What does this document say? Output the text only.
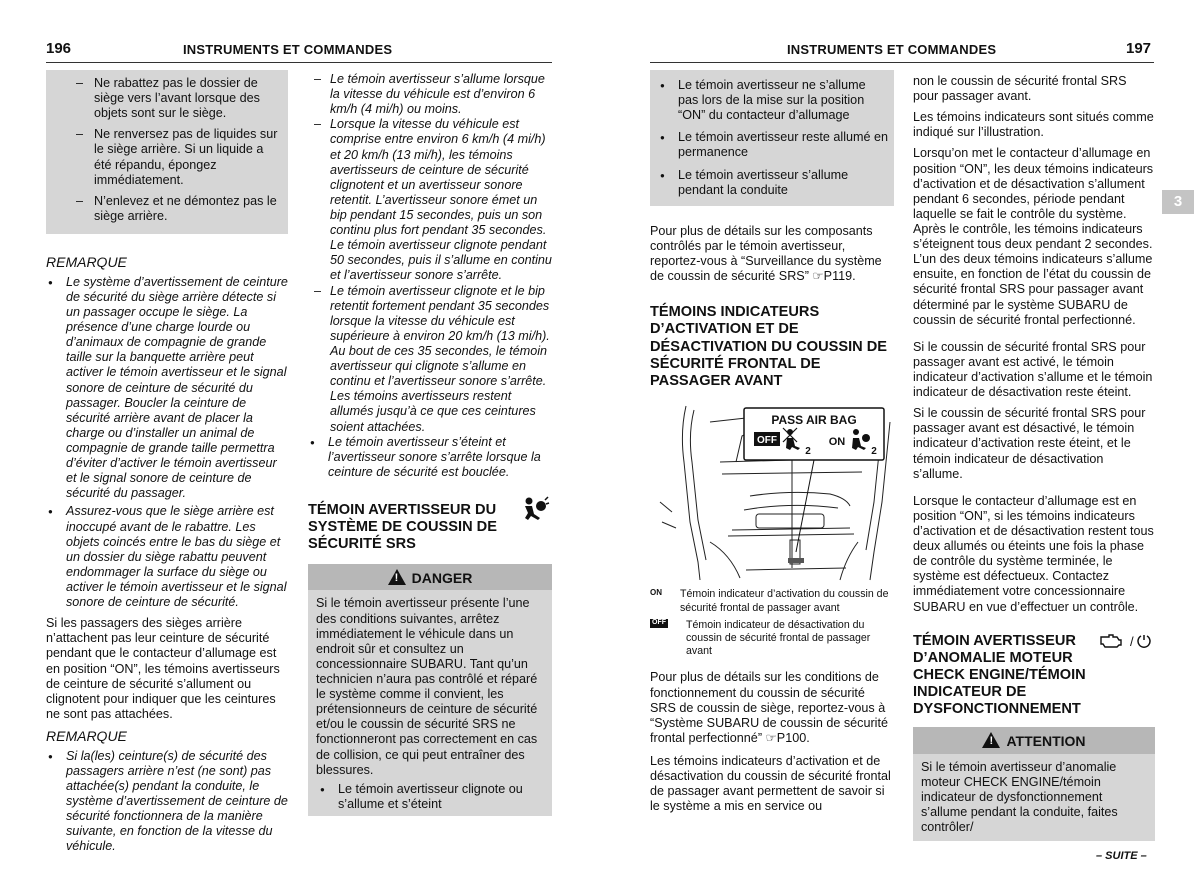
196	INSTRUMENTS ET COMMANDES	INSTRUMENTS ET COMMANDES	197
3
– Ne rabattez pas le dossier de siège vers l’avant lorsque des objets sont sur le siège.
– Ne renversez pas de liquides sur le siège arrière. Si un liquide a été répandu, épongez immédiatement.
– N’enlevez et ne démontez pas le siège arrière.
REMARQUE
● Le système d’avertissement de ceinture de sécurité du siège arrière détecte si un passager occupe le siège. La présence d’une charge lourde ou d’animaux de compagnie de grande taille sur la banquette arrière peut activer le témoin avertisseur et le signal sonore de ceinture de sécurité du passager. Boucler la ceinture de sécurité arrière avant de placer la charge ou d’installer un animal de compagnie de grande taille permettra d’éviter d’activer le témoin avertisseur et le signal sonore de ceinture de sécurité du passager.
● Assurez-vous que le siège arrière est inoccupé avant de le rabattre. Les objets coincés entre le bas du siège et un dossier du siège rabattu peuvent endommager la surface du siège ou activer le témoin avertisseur et le signal sonore de ceinture de sécurité.

Si les passagers des sièges arrière n’attachent pas leur ceinture de sécurité pendant que le contacteur d’allumage est en position “ON”, les témoins avertisseurs de ceinture de sécurité s’allument ou clignotent pour indiquer que les ceintures ne sont pas attachées.

REMARQUE
● Si la(les) ceinture(s) de sécurité des passagers arrière n’est (ne sont) pas attachée(s) pendant la conduite, le système d’avertissement de ceinture de sécurité fonctionnera de la manière suivante, en fonction de la vitesse du véhicule.
– Le témoin avertisseur s’allume lorsque la vitesse du véhicule est d’environ 6 km/h (4 mi/h) ou moins.
– Lorsque la vitesse du véhicule est comprise entre environ 6 km/h (4 mi/h) et 20 km/h (13 mi/h), les témoins avertisseurs de ceinture de sécurité clignotent et un avertisseur sonore retentit. L’avertisseur sonore émet un bip pendant 15 secondes, puis un son continu plus fort pendant 35 secondes. Le témoin avertisseur clignote pendant 50 secondes, puis il s’allume en continu et l’avertisseur sonore s’arrête.
– Le témoin avertisseur clignote et le bip retentit fortement pendant 35 secondes lorsque la vitesse du véhicule est supérieure à environ 20 km/h (13 mi/h). Au bout de ces 35 secondes, le témoin avertisseur qui clignote s’allume en continu et l’avertisseur sonore s’arrête. Les témoins avertisseurs restent allumés jusqu’à ce que ces ceintures soient attachées.
● Le témoin avertisseur s’éteint et l’avertisseur sonore s’arrête lorsque la ceinture de sécurité est bouclée.
TÉMOIN AVERTISSEUR DU SYSTÈME DE COUSSIN DE SÉCURITÉ SRS
!DANGER

Si le témoin avertisseur présente l’une des conditions suivantes, arrêtez immédiatement le véhicule dans un endroit sûr et consultez un concessionnaire SUBARU. Tant qu’un technicien n’aura pas contrôlé et réparé le système comme il convient, les prétensionneurs de ceinture de sécurité et/ou le coussin de sécurité SRS ne fonctionneront pas correctement en cas de collision, ce qui peut entraîner des blessures.

● Le témoin avertisseur clignote ou s’allume et s’éteint
● Le témoin avertisseur ne s’allume pas lors de la mise sur la position “ON” du contacteur d’allumage
● Le témoin avertisseur reste allumé en permanence
● Le témoin avertisseur s’allume pendant la conduite

Pour plus de détails sur les composants contrôlés par le témoin avertisseur, reportez-vous à “Surveillance du système de coussin de sécurité SRS” ☞P119.

TÉMOINS INDICATEURS D’ACTIVATION ET DE DÉSACTIVATION DU COUSSIN DE SÉCURITÉ FRONTAL DE PASSAGER AVANT
PASS AIR BAG
OFF
2
ON
2
ON Témoin indicateur d’activation du coussin de sécurité frontal de passager avant
OFF Témoin indicateur de désactivation du coussin de sécurité frontal de passager avant

Pour plus de détails sur les conditions de fonctionnement du coussin de sécurité SRS de coussin de siège, reportez-vous à “Système SUBARU de coussin de sécurité frontal perfectionné” ☞P100.

Les témoins indicateurs d’activation et de désactivation du coussin de sécurité frontal de passager avant permettent de savoir si le système a mis en service ou

non le coussin de sécurité frontal SRS pour passager avant.

Les témoins indicateurs sont situés comme indiqué sur l’illustration.

Lorsqu’on met le contacteur d’allumage en position “ON”, les deux témoins indicateurs d’activation et de désactivation s’allument pendant 6 secondes, période pendant laquelle se fait le contrôle du système. Après le contrôle, les témoins indicateurs s’éteignent tous deux pendant 2 secondes. L’un des deux témoins indicateurs s’allume ensuite, en fonction de l’état du coussin de sécurité frontal SRS pour passager avant déterminé par le système SUBARU de coussin de sécurité frontal perfectionné.

Si le coussin de sécurité frontal SRS pour passager avant est activé, le témoin indicateur d’activation s’allume et le témoin indicateur de désactivation reste éteint.

Si le coussin de sécurité frontal SRS pour passager avant est désactivé, le témoin indicateur d’activation reste éteint, et le témoin indicateur de désactivation s’allume.

Lorsque le contacteur d’allumage est en position “ON”, si les témoins indicateurs d’activation et de désactivation restent tous deux allumés ou éteints une fois la phase de contrôle du système terminée, le système est défectueux. Contactez immédiatement votre concessionnaire SUBARU en vue d’effectuer un contrôle.

TÉMOIN AVERTISSEUR D’ANOMALIE MOTEUR CHECK ENGINE/TÉMOIN INDICATEUR DE DYSFONCTIONNEMENT
/
!ATTENTION

Si le témoin avertisseur d’anomalie moteur CHECK ENGINE/témoin indicateur de dysfonctionnement s’allume pendant la conduite, faites contrôler/

– SUITE –
